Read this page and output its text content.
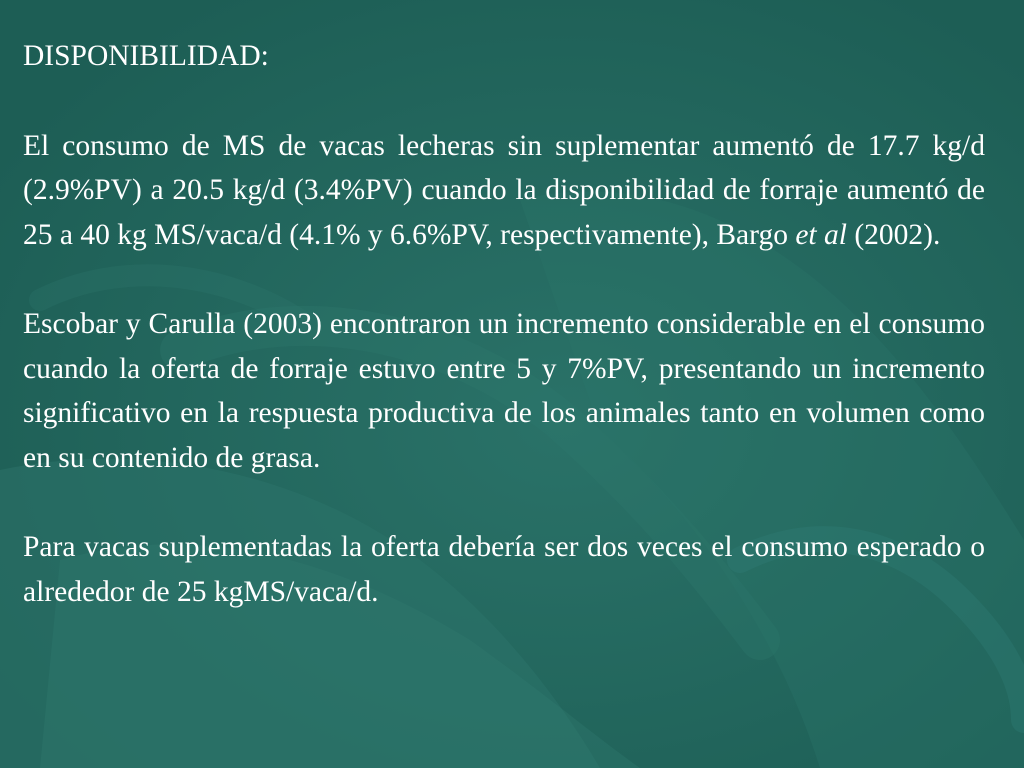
DISPONIBILIDAD:

El consumo de MS de vacas lecheras sin suplementar aumentó de 17.7 kg/d (2.9%PV) a 20.5 kg/d (3.4%PV) cuando la disponibilidad de forraje aumentó de 25 a 40 kg MS/vaca/d (4.1% y 6.6%PV, respectivamente), Bargo et al (2002).

Escobar y Carulla (2003) encontraron un incremento considerable en el consumo cuando la oferta de forraje estuvo entre 5 y 7%PV, presentando un incremento significativo en la respuesta productiva de los animales tanto en volumen como en su contenido de grasa.

Para vacas suplementadas la oferta debería ser dos veces el consumo esperado o alrededor de 25 kgMS/vaca/d.
